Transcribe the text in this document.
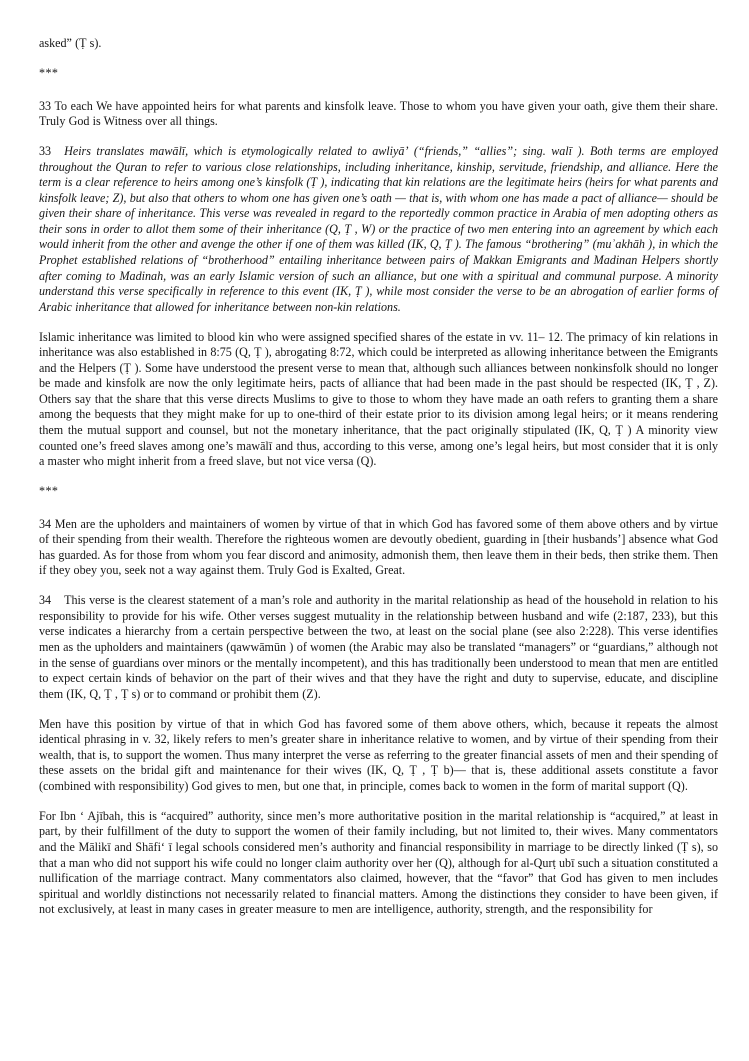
asked” (Ṭ s).

***

33 To each We have appointed heirs for what parents and kinsfolk leave. Those to whom you have given your oath, give them their share. Truly God is Witness over all things.

33 Heirs translates mawālī, which is etymologically related to awliyāʼ (“friends,” “allies”; sing. walī ). Both terms are employed throughout the Quran to refer to various close relationships, including inheritance, kinship, servitude, friendship, and alliance. Here the term is a clear reference to heirs among one’s kinsfolk (Ṭ ), indicating that kin relations are the legitimate heirs (heirs for what parents and kinsfolk leave; Z), but also that others to whom one has given one’s oath — that is, with whom one has made a pact of alliance— should be given their share of inheritance. This verse was revealed in regard to the reportedly common practice in Arabia of men adopting others as their sons in order to allot them some of their inheritance (Q, Ṭ , W) or the practice of two men entering into an agreement by which each would inherit from the other and avenge the other if one of them was killed (IK, Q, Ṭ ). The famous “brothering” (muʾakhāh ), in which the Prophet established relations of “brotherhood” entailing inheritance between pairs of Makkan Emigrants and Madinan Helpers shortly after coming to Madinah, was an early Islamic version of such an alliance, but one with a spiritual and communal purpose. A minority understand this verse specifically in reference to this event (IK, Ṭ ), while most consider the verse to be an abrogation of earlier forms of Arabic inheritance that allowed for inheritance between non-kin relations.

Islamic inheritance was limited to blood kin who were assigned specified shares of the estate in vv. 11– 12. The primacy of kin relations in inheritance was also established in 8:75 (Q, Ṭ ), abrogating 8:72, which could be interpreted as allowing inheritance between the Emigrants and the Helpers (Ṭ ). Some have understood the present verse to mean that, although such alliances between nonkinsfolk should no longer be made and kinsfolk are now the only legitimate heirs, pacts of alliance that had been made in the past should be respected (IK, Ṭ , Z). Others say that the share that this verse directs Muslims to give to those to whom they have made an oath refers to granting them a share among the bequests that they might make for up to one-third of their estate prior to its division among legal heirs; or it means rendering them the mutual support and counsel, but not the monetary inheritance, that the pact originally stipulated (IK, Q, Ṭ ) A minority view counted one’s freed slaves among one’s mawālī and thus, according to this verse, among one’s legal heirs, but most consider that it is only a master who might inherit from a freed slave, but not vice versa (Q).

***

34 Men are the upholders and maintainers of women by virtue of that in which God has favored some of them above others and by virtue of their spending from their wealth. Therefore the righteous women are devoutly obedient, guarding in [their husbands’] absence what God has guarded. As for those from whom you fear discord and animosity, admonish them, then leave them in their beds, then strike them. Then if they obey you, seek not a way against them. Truly God is Exalted, Great.

34 This verse is the clearest statement of a man’s role and authority in the marital relationship as head of the household in relation to his responsibility to provide for his wife. Other verses suggest mutuality in the relationship between husband and wife (2:187, 233), but this verse indicates a hierarchy from a certain perspective between the two, at least on the social plane (see also 2:228). This verse identifies men as the upholders and maintainers (qawwāmūn ) of women (the Arabic may also be translated “managers” or “guardians,” although not in the sense of guardians over minors or the mentally incompetent), and this has traditionally been understood to mean that men are entitled to expect certain kinds of behavior on the part of their wives and that they have the right and duty to supervise, educate, and discipline them (IK, Q, Ṭ , Ṭ s) or to command or prohibit them (Z).

Men have this position by virtue of that in which God has favored some of them above others, which, because it repeats the almost identical phrasing in v. 32, likely refers to men’s greater share in inheritance relative to women, and by virtue of their spending from their wealth, that is, to support the women. Thus many interpret the verse as referring to the greater financial assets of men and their spending of these assets on the bridal gift and maintenance for their wives (IK, Q, Ṭ , Ṭ b)— that is, these additional assets constitute a favor (combined with responsibility) God gives to men, but one that, in principle, comes back to women in the form of marital support (Q).

For Ibn ʻ Ajībah, this is “acquired” authority, since men’s more authoritative position in the marital relationship is “acquired,” at least in part, by their fulfillment of the duty to support the women of their family including, but not limited to, their wives. Many commentators and the Mālikī and Shāfiʻ ī legal schools considered men’s authority and financial responsibility in marriage to be directly linked (Ṭ s), so that a man who did not support his wife could no longer claim authority over her (Q), although for al-Qurṭ ubī such a situation constituted a nullification of the marriage contract. Many commentators also claimed, however, that the “favor” that God has given to men includes spiritual and worldly distinctions not necessarily related to financial matters. Among the distinctions they consider to have been given, if not exclusively, at least in many cases in greater measure to men are intelligence, authority, strength, and the responsibility for
